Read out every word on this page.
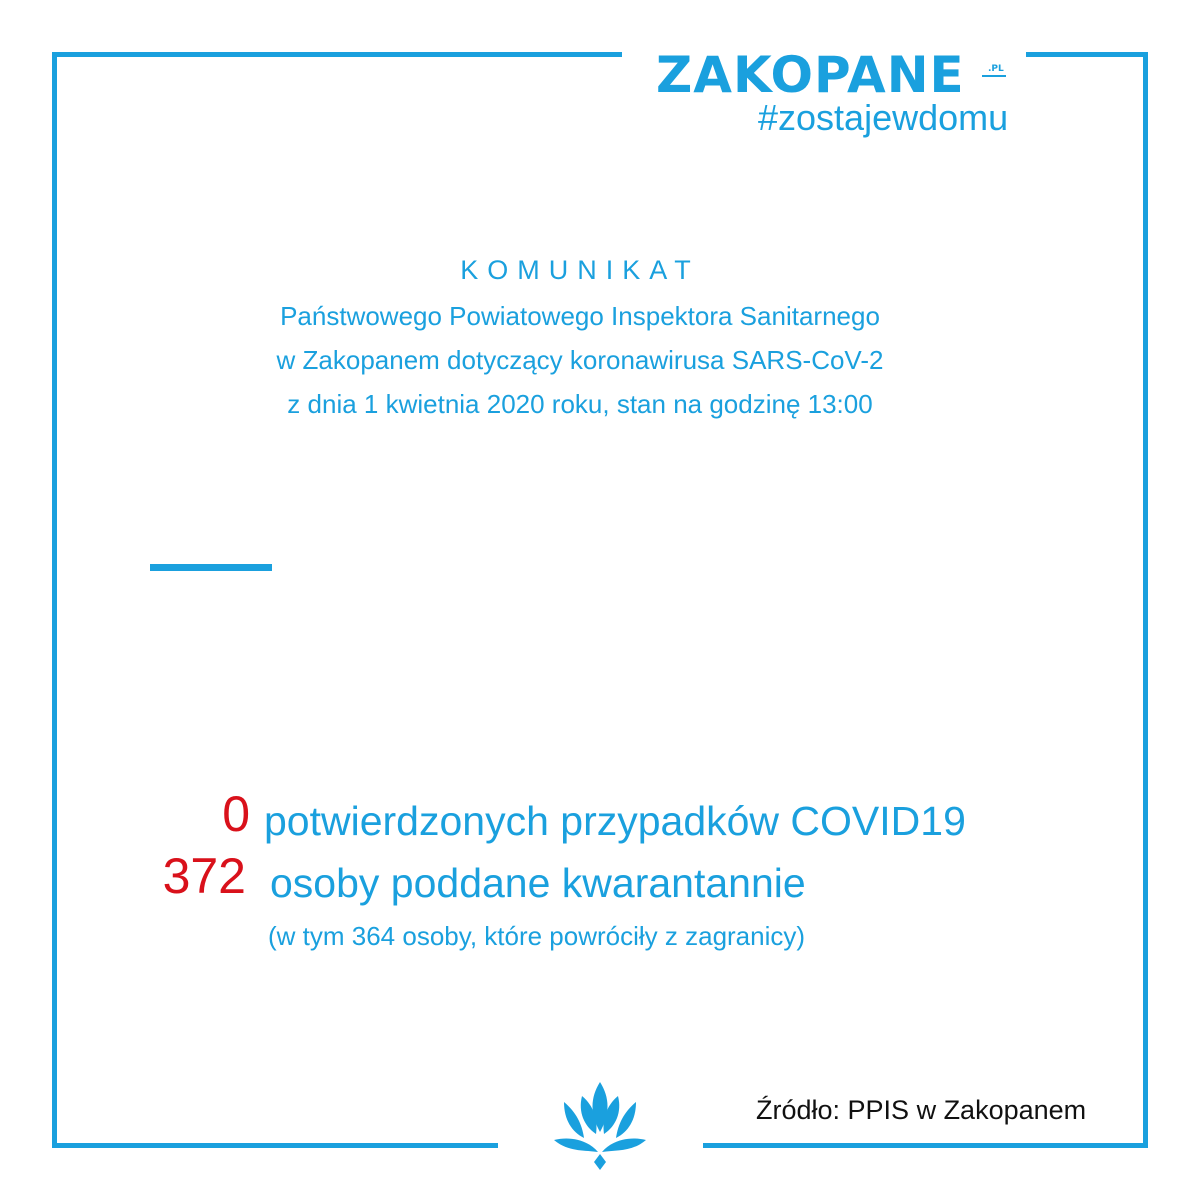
ZAKOPANE	.PL
#zostajewdomu
KOMUNIKAT
Państwowego Powiatowego Inspektora Sanitarnego
w Zakopanem dotyczący koronawirusa SARS-CoV-2
z dnia 1 kwietnia 2020 roku, stan na godzinę 13:00
0 potwierdzonych przypadków COVID19
372 osoby poddane kwarantannie
(w tym 364 osoby, które powróciły z zagranicy)
Źródło: PPIS w Zakopanem
